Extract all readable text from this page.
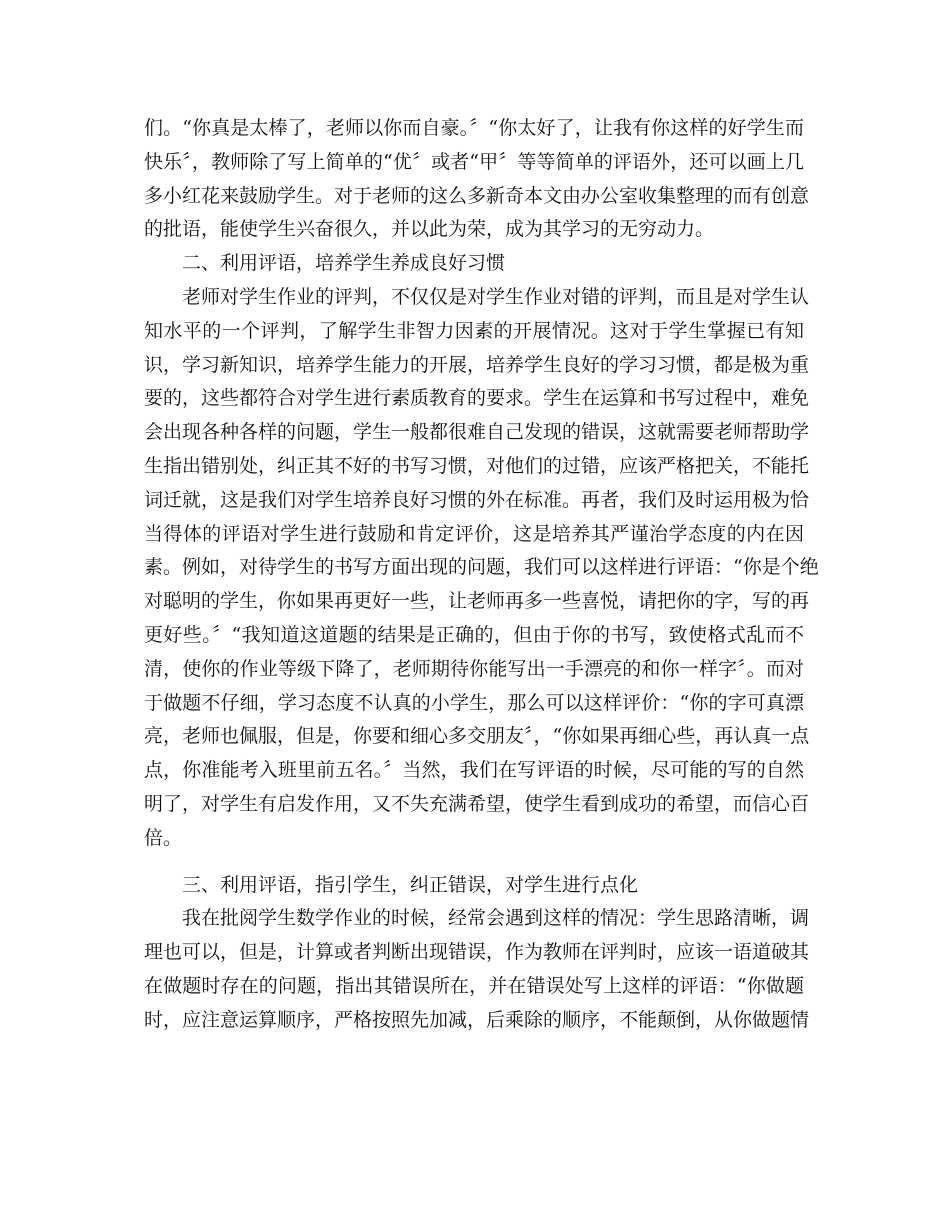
们。“你真是太棒了，老师以你而自豪。〞“你太好了，让我有你这样的好学生而
快乐〞，教师除了写上简单的“优〞或者“甲〞等等简单的评语外，还可以画上几
多小红花来鼓励学生。对于老师的这么多新奇本文由办公室收集整理的而有创意
的批语，能使学生兴奋很久，并以此为荣，成为其学习的无穷动力。
　　二、利用评语，培养学生养成良好习惯
　　老师对学生作业的评判，不仅仅是对学生作业对错的评判，而且是对学生认
知水平的一个评判，了解学生非智力因素的开展情况。这对于学生掌握已有知
识，学习新知识，培养学生能力的开展，培养学生良好的学习习惯，都是极为重
要的，这些都符合对学生进行素质教育的要求。学生在运算和书写过程中，难免
会出现各种各样的问题，学生一般都很难自己发现的错误，这就需要老师帮助学
生指出错别处，纠正其不好的书写习惯，对他们的过错，应该严格把关，不能托
词迁就，这是我们对学生培养良好习惯的外在标准。再者，我们及时运用极为恰
当得体的评语对学生进行鼓励和肯定评价，这是培养其严谨治学态度的内在因
素。例如，对待学生的书写方面出现的问题，我们可以这样进行评语：“你是个绝
对聪明的学生，你如果再更好一些，让老师再多一些喜悦，请把你的字，写的再
更好些。〞“我知道这道题的结果是正确的，但由于你的书写，致使格式乱而不
清，使你的作业等级下降了，老师期待你能写出一手漂亮的和你一样字〞。而对
于做题不仔细，学习态度不认真的小学生，那么可以这样评价：“你的字可真漂
亮，老师也佩服，但是，你要和细心多交朋友〞，“你如果再细心些，再认真一点
点，你准能考入班里前五名。〞当然，我们在写评语的时候，尽可能的写的自然
明了，对学生有启发作用，又不失充满希望，使学生看到成功的希望，而信心百
倍。
　　三、利用评语，指引学生，纠正错误，对学生进行点化
　　我在批阅学生数学作业的时候，经常会遇到这样的情况：学生思路清晰，调
理也可以，但是，计算或者判断出现错误，作为教师在评判时，应该一语道破其
在做题时存在的问题，指出其错误所在，并在错误处写上这样的评语：“你做题
时，应注意运算顺序，严格按照先加减，后乘除的顺序，不能颠倒，从你做题情
